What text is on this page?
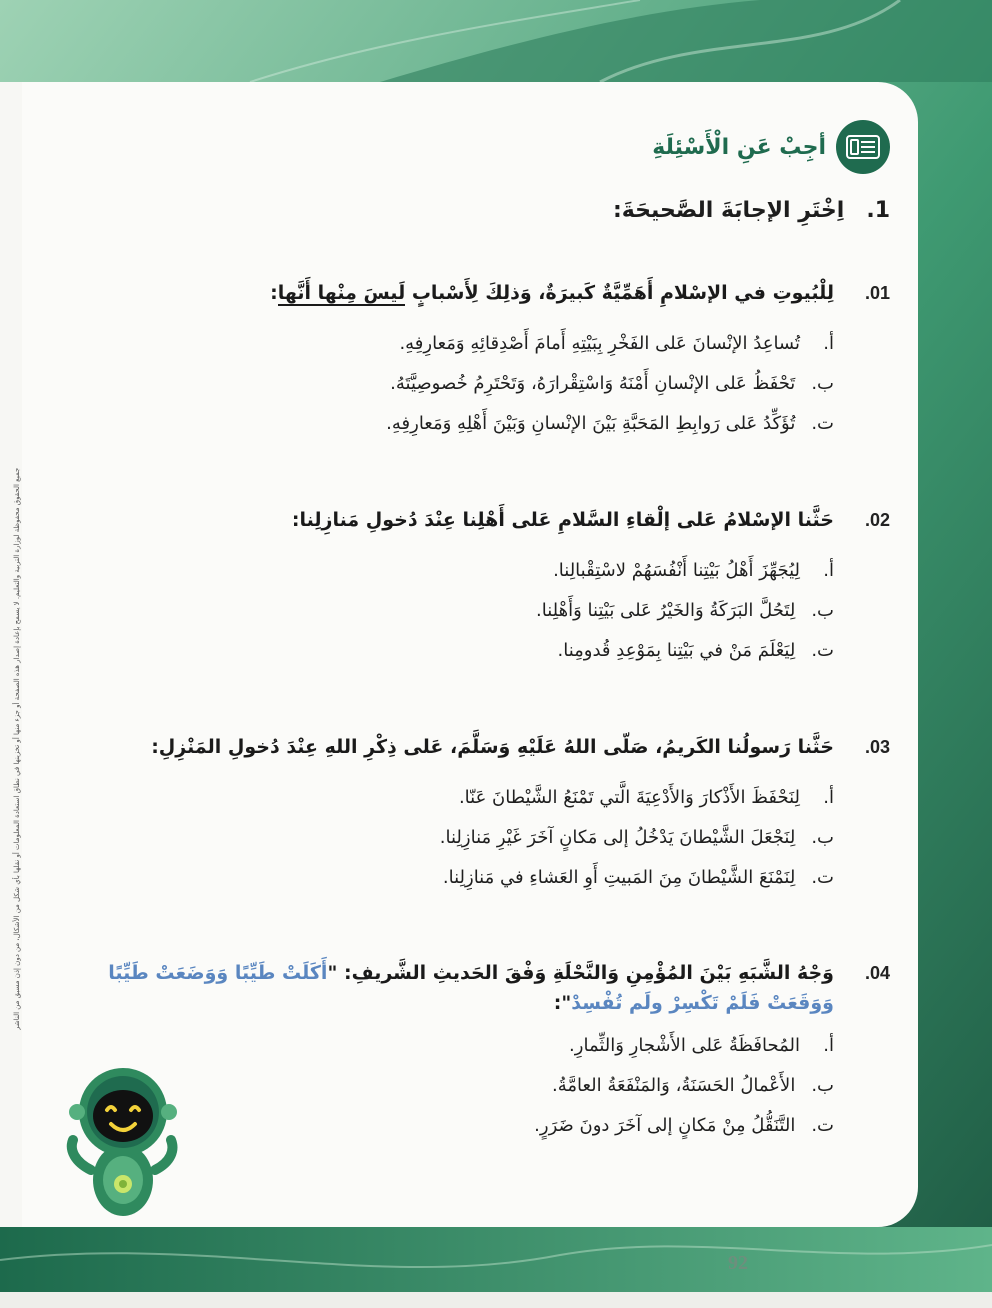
جميع الحقوق محفوظة لوزارة التربية والتعليم. لا يسمح بإعادة إصدار هذه الصفحة أو جزء منها أو تخزينها في نطاق استعادة المعلومات أو نقلها بأي شكل من الأشكال، من دون إذن مسبق من الناشر
أجِبْ عَنِ الْأَسْئِلَةِ
1.
اِخْتَرِ الإجابَةَ الصَّحيحَةَ:
01.
لِلْبُيوتِ في الإسْلامِ أَهَمِّيَّةٌ كَبيرَةٌ، وَذلِكَ لِأَسْبابٍ لَيسَ مِنْها أَنَّها:
أ.
تُساعِدُ الإنْسانَ عَلى الفَخْرِ بِبَيْتِهِ أَمامَ أَصْدِقائِهِ وَمَعارِفِهِ.
ب.
تَحْفَظُ عَلى الإنْسانِ أَمْنَهُ وَاسْتِقْرارَهُ، وَتَحْتَرِمُ خُصوصِيَّتَهُ.
ت.
تُؤَكِّدُ عَلى رَوابِطِ المَحَبَّةِ بَيْنَ الإنْسانِ وَبَيْنَ أَهْلِهِ وَمَعارِفِهِ.
02.
حَثَّنا الإسْلامُ عَلى إلْقاءِ السَّلامِ عَلى أَهْلِنا عِنْدَ دُخولِ مَنازِلِنا:
أ.
لِيُجَهِّزَ أَهْلُ بَيْتِنا أَنْفُسَهُمْ لاسْتِقْبالِنا.
ب.
لِتَحُلَّ البَرَكَةُ وَالخَيْرُ عَلى بَيْتِنا وَأَهْلِنا.
ت.
لِيَعْلَمَ مَنْ في بَيْتِنا بِمَوْعِدِ قُدومِنا.
03.
حَثَّنا رَسولُنا الكَريمُ، صَلّى اللهُ عَلَيْهِ وَسَلَّمَ، عَلى ذِكْرِ اللهِ عِنْدَ دُخولِ المَنْزِلِ:
أ.
لِنَحْفَظَ الأَذْكارَ وَالأَدْعِيَةَ الَّتي تَمْنَعُ الشَّيْطانَ عَنّا.
ب.
لِنَجْعَلَ الشَّيْطانَ يَدْخُلُ إلى مَكانٍ آخَرَ غَيْرِ مَنازِلِنا.
ت.
لِنَمْنَعَ الشَّيْطانَ مِنَ المَبيتِ أَوِ العَشاءِ في مَنازِلِنا.
04.
وَجْهُ الشَّبَهِ بَيْنَ المُؤْمِنِ وَالنَّحْلَةِ وَفْقَ الحَديثِ الشَّريفِ: "أَكَلَتْ طَيِّبًا وَوَضَعَتْ طَيِّبًا وَوَقَعَتْ فَلَمْ تَكْسِرْ ولَم تُفْسِدْ":
أ.
المُحافَظَةُ عَلى الأَشْجارِ وَالثِّمارِ.
ب.
الأَعْمالُ الحَسَنَةُ، وَالمَنْفَعَةُ العامَّةُ.
ت.
التَّنَقُّلُ مِنْ مَكانٍ إلى آخَرَ دونَ ضَرَرٍ.
92
